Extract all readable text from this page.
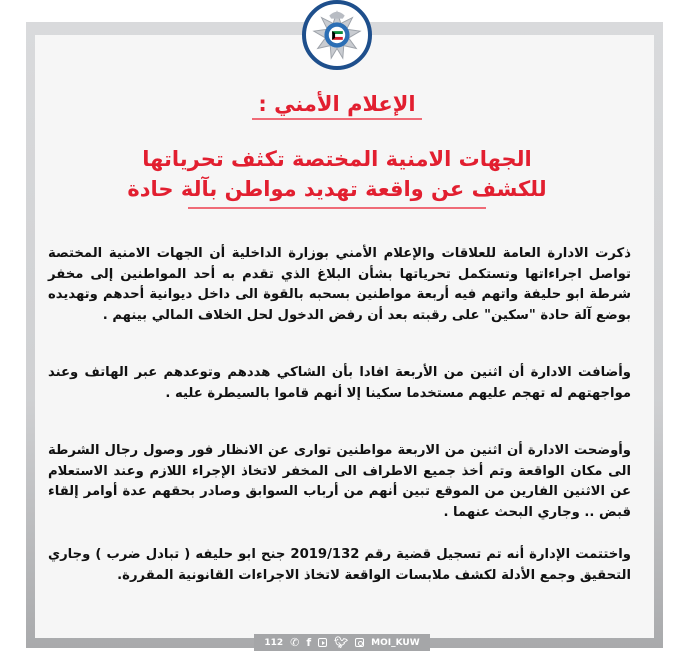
الإعلام الأمني :
الجهات الامنية المختصة تكثف تحرياتها
للكشف عن واقعة تهديد مواطن بآلة حادة

ذكرت الادارة العامة للعلاقات والإعلام الأمني بوزارة الداخلية أن الجهات الامنية المختصة تواصل اجراءاتها وتستكمل تحرياتها بشأن البلاغ الذي تقدم به أحد المواطنين إلى مخفر شرطة ابو حليفة واتهم فيه أربعة مواطنين بسحبه بالقوة الى داخل ديوانية أحدهم وتهديده بوضع آلة حادة "سكين" على رقبته بعد أن رفض الدخول لحل الخلاف المالي بينهم .

وأضافت الادارة أن اثنين من الأربعة افادا بأن الشاكي هددهم وتوعدهم عبر الهاتف وعند مواجهتهم له تهجم عليهم مستخدما سكينا إلا أنهم قاموا بالسيطرة عليه .

وأوضحت الادارة أن اثنين من الاربعة مواطنين توارى عن الانظار فور وصول رجال الشرطة الى مكان الواقعة وتم أخذ جميع الاطراف الى المخفر لاتخاذ الإجراء اللازم وعند الاستعلام عن الاثنين الفارين من الموقع تبين أنهم من أرباب السوابق وصادر بحقهم عدة أوامر إلقاء قبض .. وجاري البحث عنهما .

واختتمت الإدارة أنه تم تسجيل قضية رقم 2019/132 جنح ابو حليفه ( تبادل ضرب ) وجاري التحقيق وجمع الأدلة لكشف ملابسات الواقعة لاتخاذ الاجراءات القانونية المقررة.

112 ✆ f 🐦︎	MOI_KUW
